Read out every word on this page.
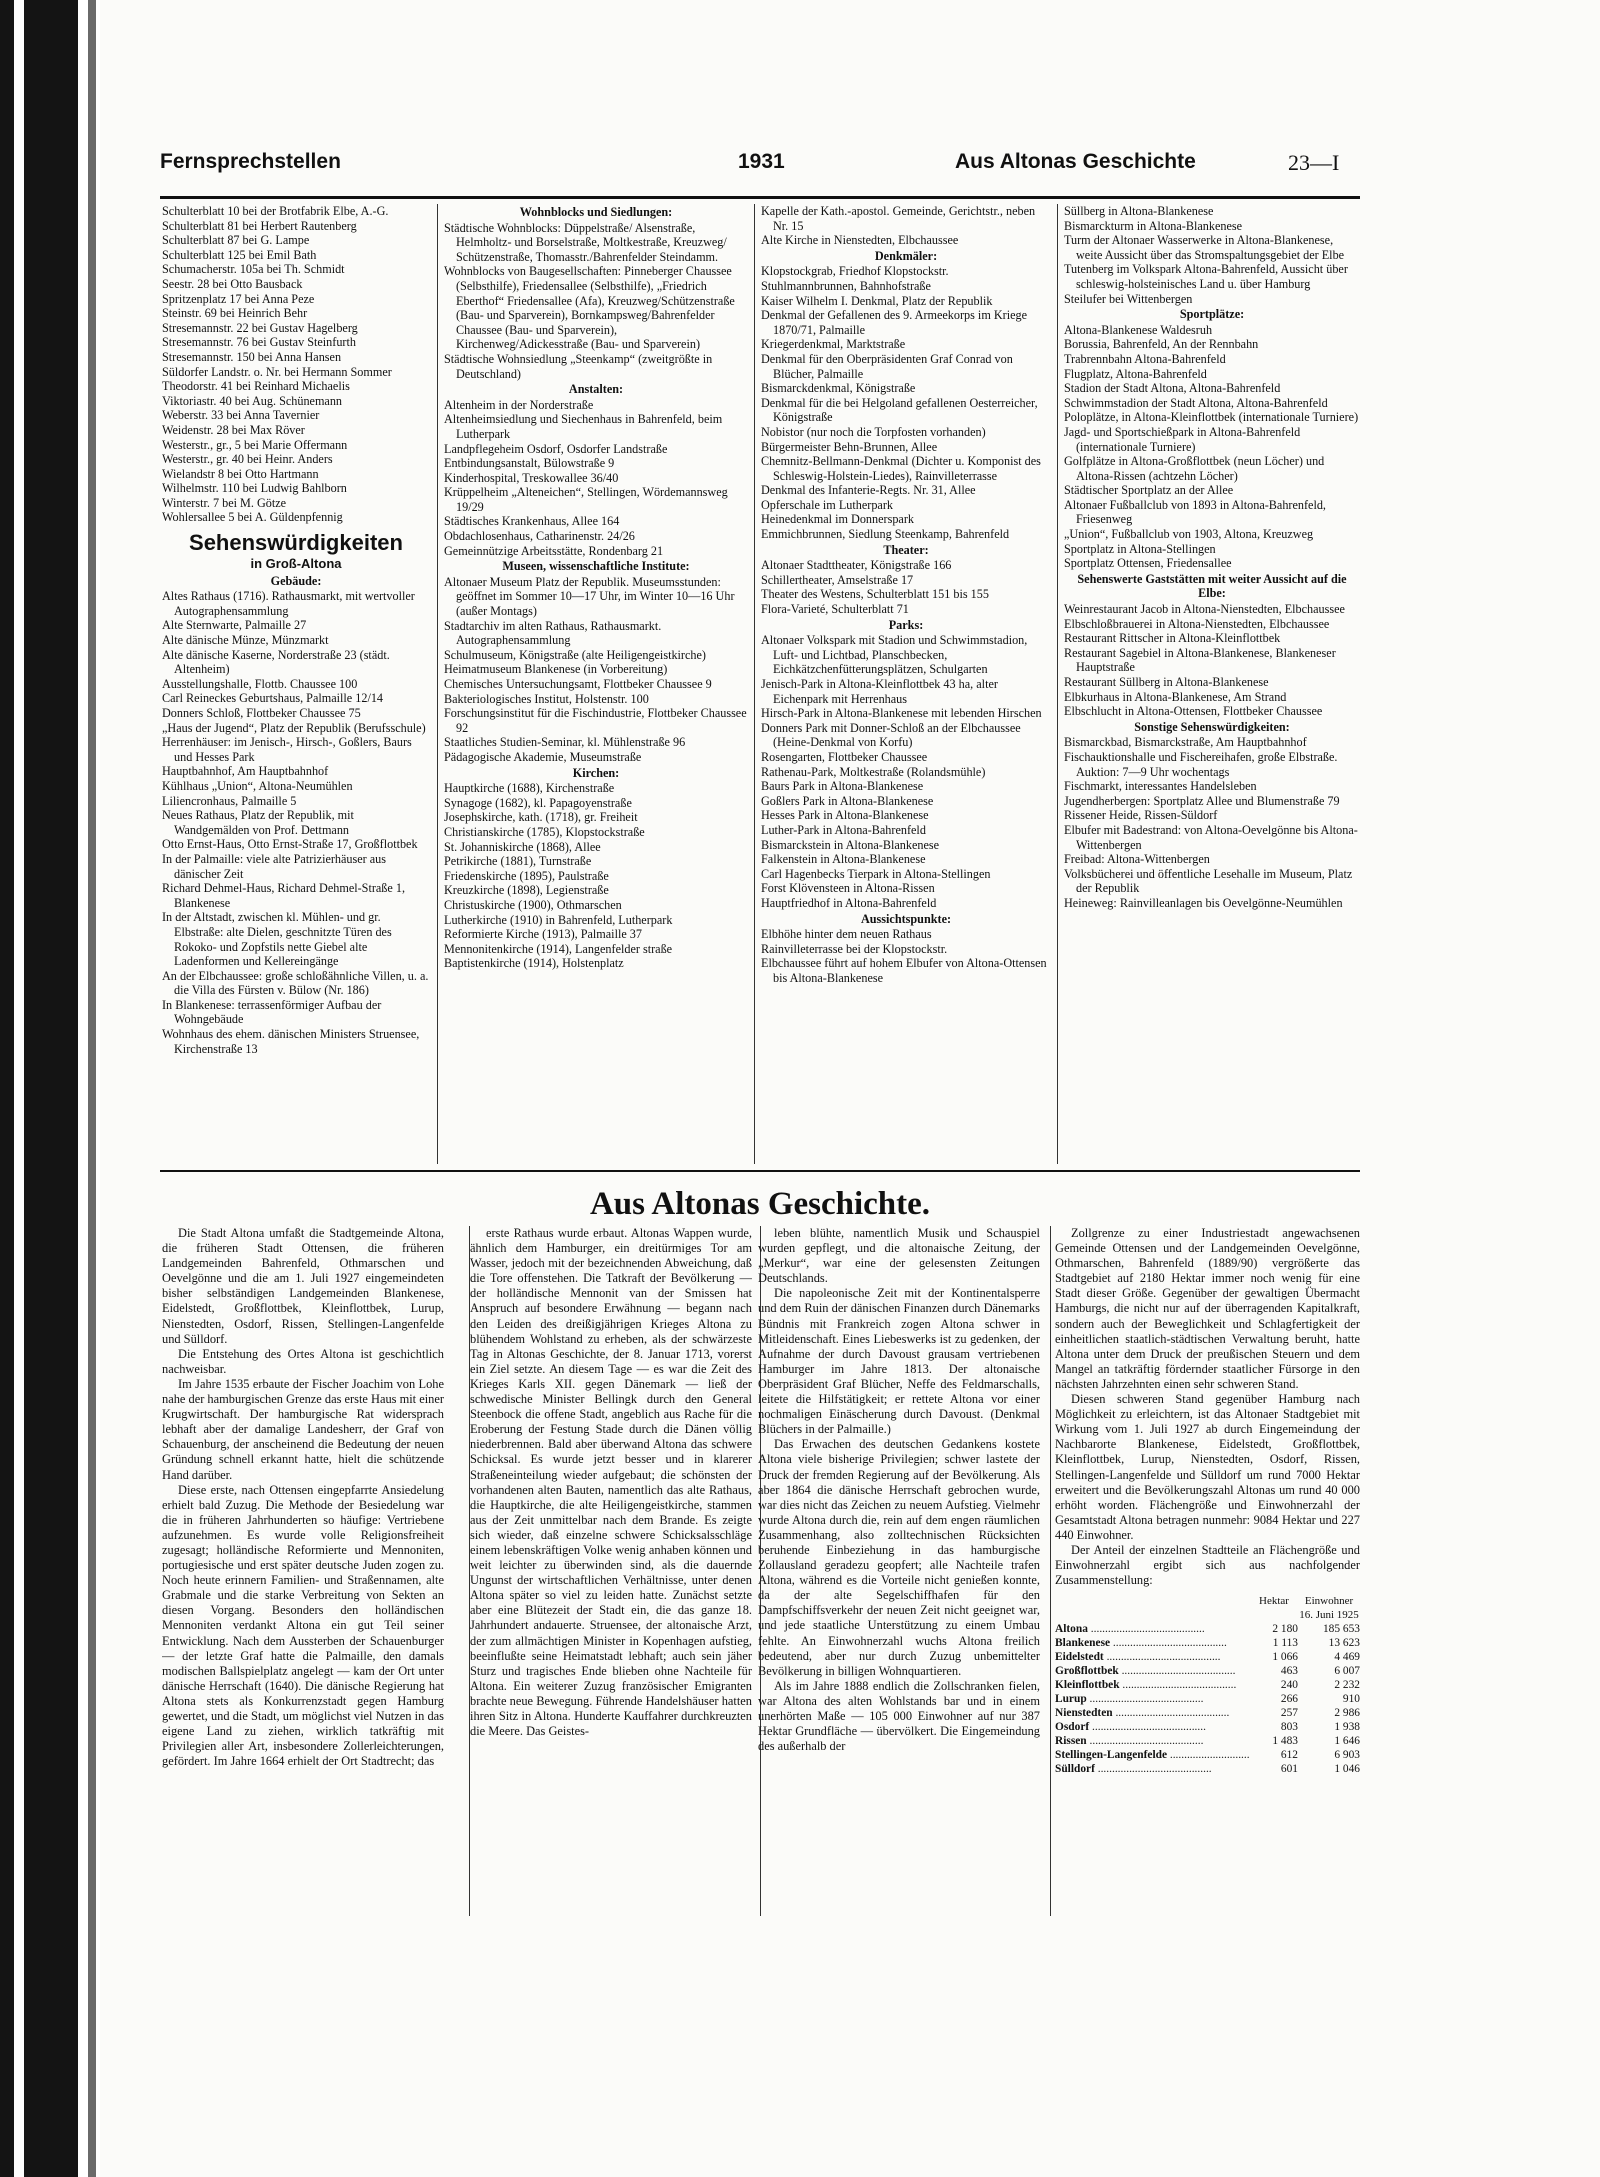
Fernsprechstellen	1931	Aus Altonas Geschichte	23—I
Schulterblatt 10 bei der Brotfabrik Elbe, A.-G.
Schulterblatt 81 bei Herbert Rautenberg
Schulterblatt 87 bei G. Lampe
Schulterblatt 125 bei Emil Bath
Schumacherstr. 105a bei Th. Schmidt
Seestr. 28 bei Otto Bausback
Spritzenplatz 17 bei Anna Peze
Steinstr. 69 bei Heinrich Behr
Stresemannstr. 22 bei Gustav Hagelberg
Stresemannstr. 76 bei Gustav Steinfurth
Stresemannstr. 150 bei Anna Hansen
Süldorfer Landstr. o. Nr. bei Hermann Sommer
Theodorstr. 41 bei Reinhard Michaelis
Viktoriastr. 40 bei Aug. Schünemann
Weberstr. 33 bei Anna Tavernier
Weidenstr. 28 bei Max Röver
Westerstr., gr., 5 bei Marie Offermann
Westerstr., gr. 40 bei Heinr. Anders
Wielandstr 8 bei Otto Hartmann
Wilhelmstr. 110 bei Ludwig Bahlborn
Winterstr. 7 bei M. Götze
Wohlersallee 5 bei A. Güldenpfennig
Sehenswürdigkeiten
in Groß-Altona
Gebäude:
Altes Rathaus (1716). Rathausmarkt, mit wertvoller Autographensammlung
Alte Sternwarte, Palmaille 27
Alte dänische Münze, Münzmarkt
Alte dänische Kaserne, Norderstraße 23 (städt. Altenheim)
Ausstellungshalle, Flottb. Chaussee 100
Carl Reineckes Geburtshaus, Palmaille 12/14
Donners Schloß, Flottbeker Chaussee 75
„Haus der Jugend“, Platz der Republik (Berufsschule)
Herrenhäuser: im Jenisch-, Hirsch-, Goßlers, Baurs und Hesses Park
Hauptbahnhof, Am Hauptbahnhof
Kühlhaus „Union“, Altona-Neumühlen
Liliencronhaus, Palmaille 5
Neues Rathaus, Platz der Republik, mit Wandgemälden von Prof. Dettmann
Otto Ernst-Haus, Otto Ernst-Straße 17, Großflottbek
In der Palmaille: viele alte Patrizierhäuser aus dänischer Zeit
Richard Dehmel-Haus, Richard Dehmel-Straße 1, Blankenese
In der Altstadt, zwischen kl. Mühlen- und gr. Elbstraße: alte Dielen, geschnitzte Türen des Rokoko- und Zopfstils nette Giebel alte Ladenformen und Kellereingänge
An der Elbchaussee: große schloßähnliche Villen, u. a. die Villa des Fürsten v. Bülow (Nr. 186)
In Blankenese: terrassenförmiger Aufbau der Wohngebäude
Wohnhaus des ehem. dänischen Ministers Struensee, Kirchenstraße 13
Wohnblocks und Siedlungen:
Städtische Wohnblocks: Düppelstraße/ Alsenstraße, Helmholtz- und Borselstraße, Moltkestraße, Kreuzweg/ Schützenstraße, Thomasstr./Bahrenfelder Steindamm.
Wohnblocks von Baugesellschaften: Pinneberger Chaussee (Selbsthilfe), Friedensallee (Selbsthilfe), „Friedrich Eberthof“ Friedensallee (Afa), Kreuzweg/Schützenstraße (Bau- und Sparverein), Bornkampsweg/Bahrenfelder Chaussee (Bau- und Sparverein), Kirchenweg/Adickesstraße (Bau- und Sparverein)
Städtische Wohnsiedlung „Steenkamp“ (zweitgrößte in Deutschland)
Anstalten:
Altenheim in der Norderstraße
Altenheimsiedlung und Siechenhaus in Bahrenfeld, beim Lutherpark
Landpflegeheim Osdorf, Osdorfer Landstraße
Entbindungsanstalt, Bülowstraße 9
Kinderhospital, Treskowallee 36/40
Krüppelheim „Alteneichen“, Stellingen, Wördemannsweg 19/29
Städtisches Krankenhaus, Allee 164
Obdachlosenhaus, Catharinenstr. 24/26
Gemeinnützige Arbeitsstätte, Rondenbarg 21
Museen, wissenschaftliche Institute:
Altonaer Museum Platz der Republik. Museumsstunden: geöffnet im Sommer 10—17 Uhr, im Winter 10—16 Uhr (außer Montags)
Stadtarchiv im alten Rathaus, Rathausmarkt. Autographensammlung
Schulmuseum, Königstraße (alte Heiligengeistkirche)
Heimatmuseum Blankenese (in Vorbereitung)
Chemisches Untersuchungsamt, Flottbeker Chaussee 9
Bakteriologisches Institut, Holstenstr. 100
Forschungsinstitut für die Fischindustrie, Flottbeker Chaussee 92
Staatliches Studien-Seminar, kl. Mühlenstraße 96
Pädagogische Akademie, Museumstraße
Kirchen:
Hauptkirche (1688), Kirchenstraße
Synagoge (1682), kl. Papagoyenstraße
Josephskirche, kath. (1718), gr. Freiheit
Christianskirche (1785), Klopstockstraße
St. Johanniskirche (1868), Allee
Petrikirche (1881), Turnstraße
Friedenskirche (1895), Paulstraße
Kreuzkirche (1898), Legienstraße
Christuskirche (1900), Othmarschen
Lutherkirche (1910) in Bahrenfeld, Lutherpark
Reformierte Kirche (1913), Palmaille 37
Mennonitenkirche (1914), Langenfelder straße
Baptistenkirche (1914), Holstenplatz
Kapelle der Kath.-apostol. Gemeinde, Gerichtstr., neben Nr. 15
Alte Kirche in Nienstedten, Elbchaussee
Denkmäler:
Klopstockgrab, Friedhof Klopstockstr.
Stuhlmannbrunnen, Bahnhofstraße
Kaiser Wilhelm I. Denkmal, Platz der Republik
Denkmal der Gefallenen des 9. Armeekorps im Kriege 1870/71, Palmaille
Kriegerdenkmal, Marktstraße
Denkmal für den Oberpräsidenten Graf Conrad von Blücher, Palmaille
Bismarckdenkmal, Königstraße
Denkmal für die bei Helgoland gefallenen Oesterreicher, Königstraße
Nobistor (nur noch die Torpfosten vorhanden)
Bürgermeister Behn-Brunnen, Allee
Chemnitz-Bellmann-Denkmal (Dichter u. Komponist des Schleswig-Holstein-Liedes), Rainvilleterrasse
Denkmal des Infanterie-Regts. Nr. 31, Allee
Opferschale im Lutherpark
Heinedenkmal im Donnerspark
Emmichbrunnen, Siedlung Steenkamp, Bahrenfeld
Theater:
Altonaer Stadttheater, Königstraße 166
Schillertheater, Amselstraße 17
Theater des Westens, Schulterblatt 151 bis 155
Flora-Varieté, Schulterblatt 71
Parks:
Altonaer Volkspark mit Stadion und Schwimmstadion, Luft- und Lichtbad, Planschbecken, Eichkätzchenfütterungsplätzen, Schulgarten
Jenisch-Park in Altona-Kleinflottbek 43 ha, alter Eichenpark mit Herrenhaus
Hirsch-Park in Altona-Blankenese mit lebenden Hirschen
Donners Park mit Donner-Schloß an der Elbchaussee (Heine-Denkmal von Korfu)
Rosengarten, Flottbeker Chaussee
Rathenau-Park, Moltkestraße (Rolandsmühle)
Baurs Park in Altona-Blankenese
Goßlers Park in Altona-Blankenese
Hesses Park in Altona-Blankenese
Luther-Park in Altona-Bahrenfeld
Bismarckstein in Altona-Blankenese
Falkenstein in Altona-Blankenese
Carl Hagenbecks Tierpark in Altona-Stellingen
Forst Klövensteen in Altona-Rissen
Hauptfriedhof in Altona-Bahrenfeld
Aussichtspunkte:
Elbhöhe hinter dem neuen Rathaus
Rainvilleterrasse bei der Klopstockstr.
Elbchaussee führt auf hohem Elbufer von Altona-Ottensen bis Altona-Blankenese
Süllberg in Altona-Blankenese
Bismarckturm in Altona-Blankenese
Turm der Altonaer Wasserwerke in Altona-Blankenese, weite Aussicht über das Stromspaltungsgebiet der Elbe
Tutenberg im Volkspark Altona-Bahrenfeld, Aussicht über schleswig-holsteinisches Land u. über Hamburg
Steilufer bei Wittenbergen
Sportplätze:
Altona-Blankenese Waldesruh
Borussia, Bahrenfeld, An der Rennbahn
Trabrennbahn Altona-Bahrenfeld
Flugplatz, Altona-Bahrenfeld
Stadion der Stadt Altona, Altona-Bahrenfeld
Schwimmstadion der Stadt Altona, Altona-Bahrenfeld
Poloplätze, in Altona-Kleinflottbek (internationale Turniere)
Jagd- und Sportschießpark in Altona-Bahrenfeld (internationale Turniere)
Golfplätze in Altona-Großflottbek (neun Löcher) und Altona-Rissen (achtzehn Löcher)
Städtischer Sportplatz an der Allee
Altonaer Fußballclub von 1893 in Altona-Bahrenfeld, Friesenweg
„Union“, Fußballclub von 1903, Altona, Kreuzweg
Sportplatz in Altona-Stellingen
Sportplatz Ottensen, Friedensallee
Sehenswerte Gaststätten mit weiter Aussicht auf die Elbe:
Weinrestaurant Jacob in Altona-Nienstedten, Elbchaussee
Elbschloßbrauerei in Altona-Nienstedten, Elbchaussee
Restaurant Rittscher in Altona-Kleinflottbek
Restaurant Sagebiel in Altona-Blankenese, Blankeneser Hauptstraße
Restaurant Süllberg in Altona-Blankenese
Elbkurhaus in Altona-Blankenese, Am Strand
Elbschlucht in Altona-Ottensen, Flottbeker Chaussee
Sonstige Sehenswürdigkeiten:
Bismarckbad, Bismarckstraße, Am Hauptbahnhof
Fischauktionshalle und Fischereihafen, große Elbstraße. Auktion: 7—9 Uhr wochentags
Fischmarkt, interessantes Handelsleben
Jugendherbergen: Sportplatz Allee und Blumenstraße 79
Rissener Heide, Rissen-Süldorf
Elbufer mit Badestrand: von Altona-Oevelgönne bis Altona-Wittenbergen
Freibad: Altona-Wittenbergen
Volksbücherei und öffentliche Lesehalle im Museum, Platz der Republik
Heineweg: Rainvilleanlagen bis Oevelgönne-Neumühlen
Aus Altonas Geschichte.

Die Stadt Altona umfaßt die Stadtgemeinde Altona, die früheren Stadt Ottensen, die früheren Landgemeinden Bahrenfeld, Othmarschen und Oevelgönne und die am 1. Juli 1927 eingemeindeten bisher selbständigen Landgemeinden Blankenese, Eidelstedt, Großflottbek, Kleinflottbek, Lurup, Nienstedten, Osdorf, Rissen, Stellingen-Langenfelde und Sülldorf.

Die Entstehung des Ortes Altona ist geschichtlich nachweisbar.

Im Jahre 1535 erbaute der Fischer Joachim von Lohe nahe der hamburgischen Grenze das erste Haus mit einer Krugwirtschaft. Der hamburgische Rat widersprach lebhaft aber der damalige Landesherr, der Graf von Schauenburg, der anscheinend die Bedeutung der neuen Gründung schnell erkannt hatte, hielt die schützende Hand darüber.

Diese erste, nach Ottensen eingepfarrte Ansiedelung erhielt bald Zuzug. Die Methode der Besiedelung war die in früheren Jahrhunderten so häufige: Vertriebene aufzunehmen. Es wurde volle Religionsfreiheit zugesagt; holländische Reformierte und Mennoniten, portugiesische und erst später deutsche Juden zogen zu. Noch heute erinnern Familien- und Straßennamen, alte Grabmale und die starke Verbreitung von Sekten an diesen Vorgang. Besonders den holländischen Mennoniten verdankt Altona ein gut Teil seiner Entwicklung. Nach dem Aussterben der Schauenburger — der letzte Graf hatte die Palmaille, den damals modischen Ballspielplatz angelegt — kam der Ort unter dänische Herrschaft (1640). Die dänische Regierung hat Altona stets als Konkurrenzstadt gegen Hamburg gewertet, und die Stadt, um möglichst viel Nutzen in das eigene Land zu ziehen, wirklich tatkräftig mit Privilegien aller Art, insbesondere Zollerleichterungen, gefördert. Im Jahre 1664 erhielt der Ort Stadtrecht; das

erste Rathaus wurde erbaut. Altonas Wappen wurde, ähnlich dem Hamburger, ein dreitürmiges Tor am Wasser, jedoch mit der bezeichnenden Abweichung, daß die Tore offenstehen. Die Tatkraft der Bevölkerung — der holländische Mennonit van der Smissen hat Anspruch auf besondere Erwähnung — begann nach den Leiden des dreißigjährigen Krieges Altona zu blühendem Wohlstand zu erheben, als der schwärzeste Tag in Altonas Geschichte, der 8. Januar 1713, vorerst ein Ziel setzte. An diesem Tage — es war die Zeit des Krieges Karls XII. gegen Dänemark — ließ der schwedische Minister Bellingk durch den General Steenbock die offene Stadt, angeblich aus Rache für die Eroberung der Festung Stade durch die Dänen völlig niederbrennen. Bald aber überwand Altona das schwere Schicksal. Es wurde jetzt besser und in klarerer Straßeneinteilung wieder aufgebaut; die schönsten der vorhandenen alten Bauten, namentlich das alte Rathaus, die Hauptkirche, die alte Heiligengeistkirche, stammen aus der Zeit unmittelbar nach dem Brande. Es zeigte sich wieder, daß einzelne schwere Schicksalsschläge einem lebenskräftigen Volke wenig anhaben können und weit leichter zu überwinden sind, als die dauernde Ungunst der wirtschaftlichen Verhältnisse, unter denen Altona später so viel zu leiden hatte. Zunächst setzte aber eine Blütezeit der Stadt ein, die das ganze 18. Jahrhundert andauerte. Struensee, der altonaische Arzt, der zum allmächtigen Minister in Kopenhagen aufstieg, beeinflußte seine Heimatstadt lebhaft; auch sein jäher Sturz und tragisches Ende blieben ohne Nachteile für Altona. Ein weiterer Zuzug französischer Emigranten brachte neue Bewegung. Führende Handelshäuser hatten ihren Sitz in Altona. Hunderte Kauffahrer durchkreuzten die Meere. Das Geistes-

leben blühte, namentlich Musik und Schauspiel wurden gepflegt, und die altonaische Zeitung, der „Merkur“, war eine der gelesensten Zeitungen Deutschlands.

Die napoleonische Zeit mit der Kontinentalsperre und dem Ruin der dänischen Finanzen durch Dänemarks Bündnis mit Frankreich zogen Altona schwer in Mitleidenschaft. Eines Liebeswerks ist zu gedenken, der Aufnahme der durch Davoust grausam vertriebenen Hamburger im Jahre 1813. Der altonaische Oberpräsident Graf Blücher, Neffe des Feldmarschalls, leitete die Hilfstätigkeit; er rettete Altona vor einer nochmaligen Einäscherung durch Davoust. (Denkmal Blüchers in der Palmaille.)

Das Erwachen des deutschen Gedankens kostete Altona viele bisherige Privilegien; schwer lastete der Druck der fremden Regierung auf der Bevölkerung. Als aber 1864 die dänische Herrschaft gebrochen wurde, war dies nicht das Zeichen zu neuem Aufstieg. Vielmehr wurde Altona durch die, rein auf dem engen räumlichen Zusammenhang, also zolltechnischen Rücksichten beruhende Einbeziehung in das hamburgische Zollausland geradezu geopfert; alle Nachteile trafen Altona, während es die Vorteile nicht genießen konnte, da der alte Segelschiffhafen für den Dampfschiffsverkehr der neuen Zeit nicht geeignet war, und jede staatliche Unterstützung zu einem Umbau fehlte. An Einwohnerzahl wuchs Altona freilich bedeutend, aber nur durch Zuzug unbemittelter Bevölkerung in billigen Wohnquartieren.

Als im Jahre 1888 endlich die Zollschranken fielen, war Altona des alten Wohlstands bar und in einem unerhörten Maße — 105 000 Einwohner auf nur 387 Hektar Grundfläche — übervölkert. Die Eingemeindung des außerhalb der

Zollgrenze zu einer Industriestadt angewachsenen Gemeinde Ottensen und der Landgemeinden Oevelgönne, Othmarschen, Bahrenfeld (1889/90) vergrößerte das Stadtgebiet auf 2180 Hektar immer noch wenig für eine Stadt dieser Größe. Gegenüber der gewaltigen Übermacht Hamburgs, die nicht nur auf der überragenden Kapitalkraft, sondern auch der Beweglichkeit und Schlagfertigkeit der einheitlichen staatlich-städtischen Verwaltung beruht, hatte Altona unter dem Druck der preußischen Steuern und dem Mangel an tatkräftig fördernder staatlicher Fürsorge in den nächsten Jahrzehnten einen sehr schweren Stand.

Diesen schweren Stand gegenüber Hamburg nach Möglichkeit zu erleichtern, ist das Altonaer Stadtgebiet mit Wirkung vom 1. Juli 1927 ab durch Eingemeindung der Nachbarorte Blankenese, Eidelstedt, Großflottbek, Kleinflottbek, Lurup, Nienstedten, Osdorf, Rissen, Stellingen-Langenfelde und Sülldorf um rund 7000 Hektar erweitert und die Bevölkerungszahl Altonas um rund 40 000 erhöht worden. Flächengröße und Einwohnerzahl der Gesamtstadt Altona betragen nunmehr: 9084 Hektar und 227 440 Einwohner.

Der Anteil der einzelnen Stadtteile an Flächengröße und Einwohnerzahl ergibt sich aus nachfolgender Zusammenstellung:

Hektar	Einwohner 16. Juni 1925
Altona .....	2 180	185 653
Blankenese .....	1 113	13 623
Eidelstedt .....	1 066	4 469
Großflottbek .....	463	6 007
Kleinflottbek .....	240	2 232
Lurup .....	266	910
Nienstedten .....	257	2 986
Osdorf .....	803	1 938
Rissen .....	1 483	1 646
Stellingen-Langenfelde .....	612	6 903
Sülldorf .....	601	1 046
